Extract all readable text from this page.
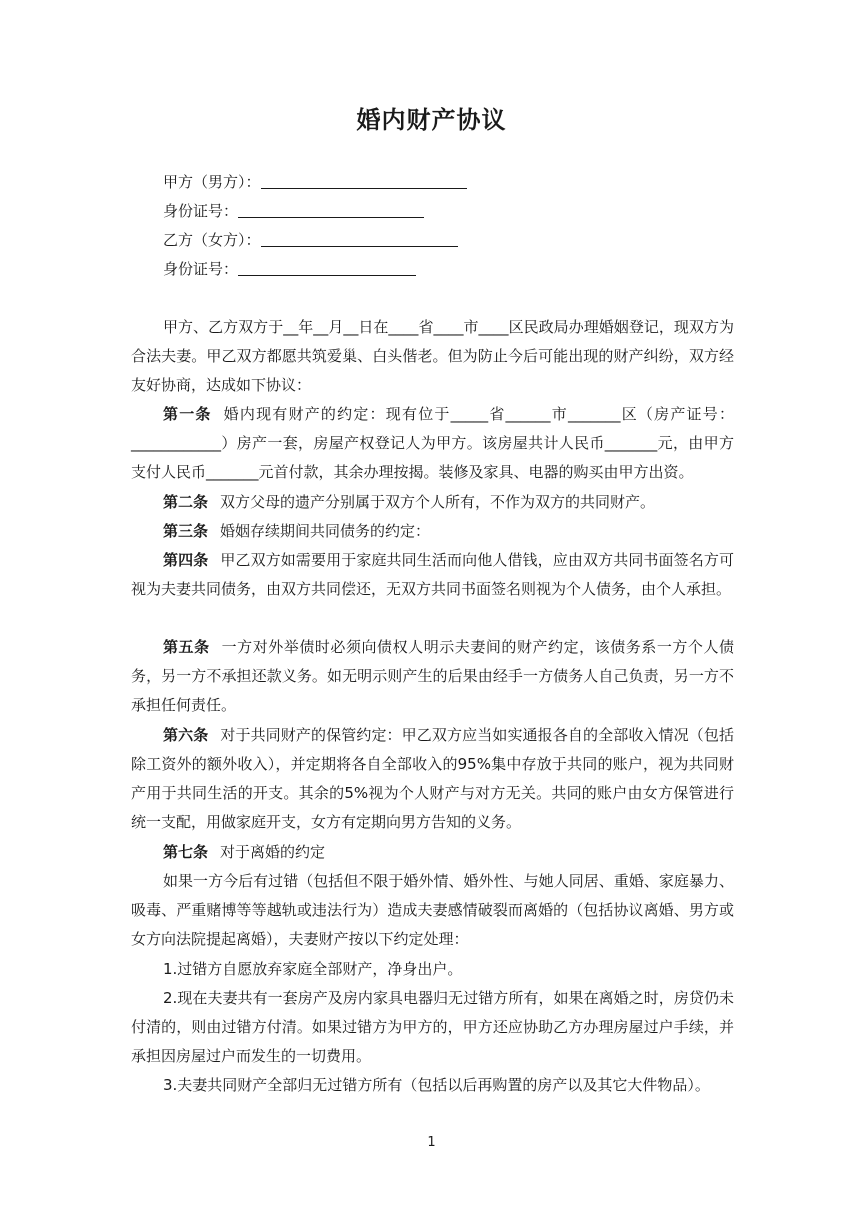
婚内财产协议
甲方（男方）：
身份证号：
乙方（女方）：
身份证号：
甲方、乙方双方于__年__月__日在____省____市____区民政局办理婚姻登记，现双方为合法夫妻。甲乙双方都愿共筑爱巢、白头偕老。但为防止今后可能出现的财产纠纷，双方经友好协商，达成如下协议：
第一条 婚内现有财产的约定：现有位于_____省______市_______区（房产证号：____________）房产一套，房屋产权登记人为甲方。该房屋共计人民币_______元，由甲方支付人民币_______元首付款，其余办理按揭。装修及家具、电器的购买由甲方出资。
第二条 双方父母的遗产分别属于双方个人所有，不作为双方的共同财产。
第三条 婚姻存续期间共同债务的约定：
第四条 甲乙双方如需要用于家庭共同生活而向他人借钱，应由双方共同书面签名方可视为夫妻共同债务，由双方共同偿还，无双方共同书面签名则视为个人债务，由个人承担。
第五条 一方对外举债时必须向债权人明示夫妻间的财产约定，该债务系一方个人债务，另一方不承担还款义务。如无明示则产生的后果由经手一方债务人自己负责，另一方不承担任何责任。
第六条 对于共同财产的保管约定：甲乙双方应当如实通报各自的全部收入情况（包括除工资外的额外收入），并定期将各自全部收入的95%集中存放于共同的账户，视为共同财产用于共同生活的开支。其余的5%视为个人财产与对方无关。共同的账户由女方保管进行统一支配，用做家庭开支，女方有定期向男方告知的义务。
第七条 对于离婚的约定
如果一方今后有过错（包括但不限于婚外情、婚外性、与她人同居、重婚、家庭暴力、吸毒、严重赌博等等越轨或违法行为）造成夫妻感情破裂而离婚的（包括协议离婚、男方或女方向法院提起离婚），夫妻财产按以下约定处理：
1.过错方自愿放弃家庭全部财产，净身出户。
2.现在夫妻共有一套房产及房内家具电器归无过错方所有，如果在离婚之时，房贷仍未付清的，则由过错方付清。如果过错方为甲方的，甲方还应协助乙方办理房屋过户手续，并承担因房屋过户而发生的一切费用。
3.夫妻共同财产全部归无过错方所有（包括以后再购置的房产以及其它大件物品）。
1
